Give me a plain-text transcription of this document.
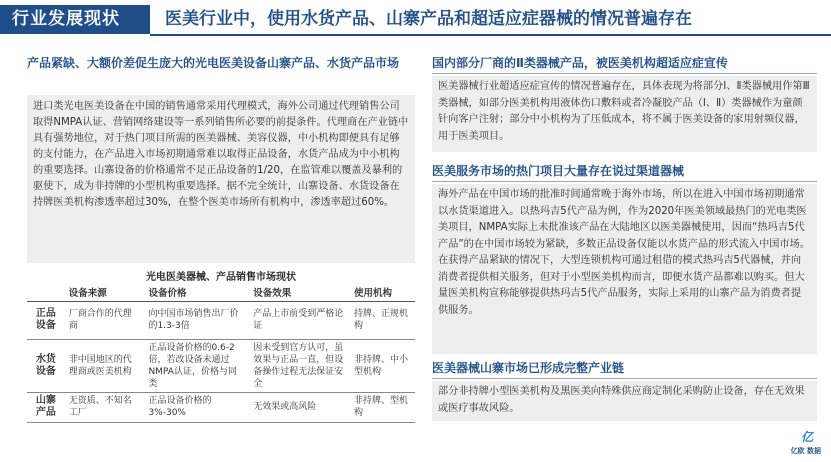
行业发展现状	医美行业中，使用水货产品、山寨产品和超适应症器械的情况普遍存在
产品紧缺、大额价差促生庞大的光电医美设备山寨产品、水货产品市场
进口类光电医美设备在中国的销售通常采用代理模式，海外公司通过代理销售公司取得NMPA认证、营销网络建设等一系列销售所必要的前提条件。代理商在产业链中具有强势地位，对于热门项目所需的医美器械、美容仪器，中小机构即便具有足够的支付能力，在产品进入市场初期通常难以取得正品设备，水货产品成为中小机构的重要选择。山寨设备的价格通常不足正品设备的1/20，在监管难以覆盖及暴利的驱使下，成为非持牌的小型机构重要选择。据不完全统计，山寨设备、水货设备在持牌医美机构渗透率超过30%，在整个医美市场所有机构中，渗透率超过60%。
光电医美器械、产品销售市场现状
	设备来源	设备价格	设备效果	使用机构
正品设备	厂商合作的代理商	向中国市场销售出厂价的1.3-3倍	产品上市前受到严格论证	持牌、正规机构
水货设备	非中国地区的代理商或医美机构	正品设备价格的0.6-2倍，若改设备未通过NMPA认证，价格与同类	因未受到官方认可，虽效果与正品一直，但设备操作过程无法保证安全	非持牌、中小型机构
山寨产品	无资质、不知名工厂	正品设备价格的3%-30%	无效果或高风险	非持牌、型机构
国内部分厂商的Ⅱ类器械产品，被医美机构超适应症宣传
医美器械行业超适应症宣传的情况普遍存在，具体表现为将部分Ⅰ、Ⅱ类器械用作第Ⅲ类器械，如部分医美机构用液体伤口敷料或者冷凝胶产品（Ⅰ、Ⅱ）类器械作为童颜针向客户注射；部分中小机构为了压低成本，将不属于医美设备的家用射频仪器，用于医美项目。
医美服务市场的热门项目大量存在说过渠道器械
海外产品在中国市场的批准时间通常晚于海外市场，所以在进入中国市场初期通常以水货渠道进入。以热玛吉5代产品为例，作为2020年医美领域最热门的光电类医美项目，NMPA实际上未批准该产品在大陆地区以医美器械使用，因而“热玛吉5代产品”的在中国市场较为紧缺，多数正品设备仅能以水货产品的形式流入中国市场。在获得产品紧缺的情况下，大型连锁机构可通过租借的模式热玛吉5代器械，并向消费者提供相关服务，但对于小型医美机构而言，即便水货产品都难以购买。但大量医美机构宣称能够提供热玛吉5代产品服务，实际上采用的山寨产品为消费者提供服务。
医美器械山寨市场已形成完整产业链
部分非持牌小型医美机构及黑医美向特殊供应商定制化采购防止设备，存在无效果或医疗事故风险。
亿
亿欧 数据
